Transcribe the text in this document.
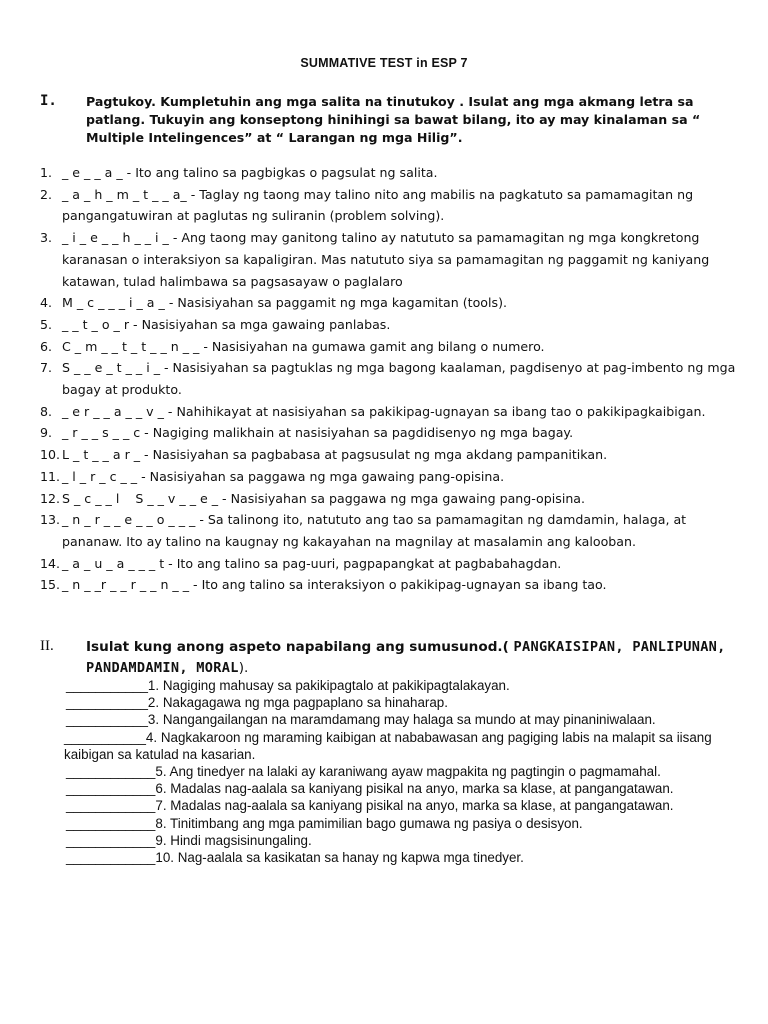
SUMMATIVE TEST in ESP 7
I. Pagtukoy. Kumpletuhin ang mga salita na tinutukoy . Isulat ang mga akmang letra sa patlang. Tukuyin ang konseptong hinihingi sa bawat bilang, ito ay may kinalaman sa “ Multiple Intelingences” at “ Larangan ng mga Hilig”.
1. _ e _ _ a _ - Ito ang talino sa pagbigkas o pagsulat ng salita.
2. _ a _ h _ m _ t _ _ a_ - Taglay ng taong may talino nito ang mabilis na pagkatuto sa pamamagitan ng pangangatuwiran at paglutas ng suliranin (problem solving).
3. _ i _ e _ _ h _ _ i _ - Ang taong may ganitong talino ay natututo sa pamamagitan ng mga kongkretong karanasan o interaksiyon sa kapaligiran. Mas natututo siya sa pamamagitan ng paggamit ng kaniyang katawan, tulad halimbawa sa pagsasayaw o paglalaro
4. M _ c _ _ _ i _ a _ - Nasisiyahan sa paggamit ng mga kagamitan (tools).
5. _ _ t _ o _ r - Nasisiyahan sa mga gawaing panlabas.
6. C _ m _ _ t _ t _ _ n _ _ - Nasisiyahan na gumawa gamit ang bilang o numero.
7. S _ _ e _ t _ _ i _ - Nasisiyahan sa pagtuklas ng mga bagong kaalaman, pagdisenyo at pag-imbento ng mga bagay at produkto.
8. _ e r _ _ a _ _ v _ - Nahihikayat at nasisiyahan sa pakikipag-ugnayan sa ibang tao o pakikipagkaibigan.
9. _ r _ _ s _ _ c - Nagiging malikhain at nasisiyahan sa pagdidisenyo ng mga bagay.
10. L _ t _ _ a r _ - Nasisiyahan sa pagbabasa at pagsusulat ng mga akdang pampanitikan.
11. _ l _ r _ c _ _ - Nasisiyahan sa paggawa ng mga gawaing pang-opisina.
12. S _ c _ _ l    S _ _ v _ _ e _ - Nasisiyahan sa paggawa ng mga gawaing pang-opisina.
13. _ n _ r _ _ e _ _ o _ _ _ - Sa talinong ito, natututo ang tao sa pamamagitan ng damdamin, halaga, at pananaw. Ito ay talino na kaugnay ng kakayahan na magnilay at masalamin ang kalooban.
14. _ a _ u _ a _ _ _ t - Ito ang talino sa pag-uuri, pagpapangkat at pagbabahagdan.
15. _ n _ _r _ _ r _ _ n _ _ - Ito ang talino sa interaksiyon o pakikipag-ugnayan sa ibang tao.
II. Isulat kung anong aspeto napabilang ang sumusunod.( PANGKAISIPAN, PANLIPUNAN, PANDAMDAMIN, MORAL).
___________1. Nagiging mahusay sa pakikipagtalo at pakikipagtalakayan.
___________2. Nakagagawa ng mga pagpaplano sa hinaharap.
___________3. Nangangailangan na maramdamang may halaga sa mundo at may pinaniniwalaan.
___________4. Nagkakaroon ng maraming kaibigan at nababawasan ang pagiging labis na malapit sa iisang kaibigan sa katulad na kasarian.
____________5. Ang tinedyer na lalaki ay karaniwang ayaw magpakita ng pagtingin o pagmamahal.
____________6. Madalas nag-aalala sa kaniyang pisikal na anyo, marka sa klase, at pangangatawan.
____________7. Madalas nag-aalala sa kaniyang pisikal na anyo, marka sa klase, at pangangatawan.
____________8. Tinitimbang ang mga pamimilian bago gumawa ng pasiya o desisyon.
____________9. Hindi magsisinungaling.
____________10. Nag-aalala sa kasikatan sa hanay ng kapwa mga tinedyer.
